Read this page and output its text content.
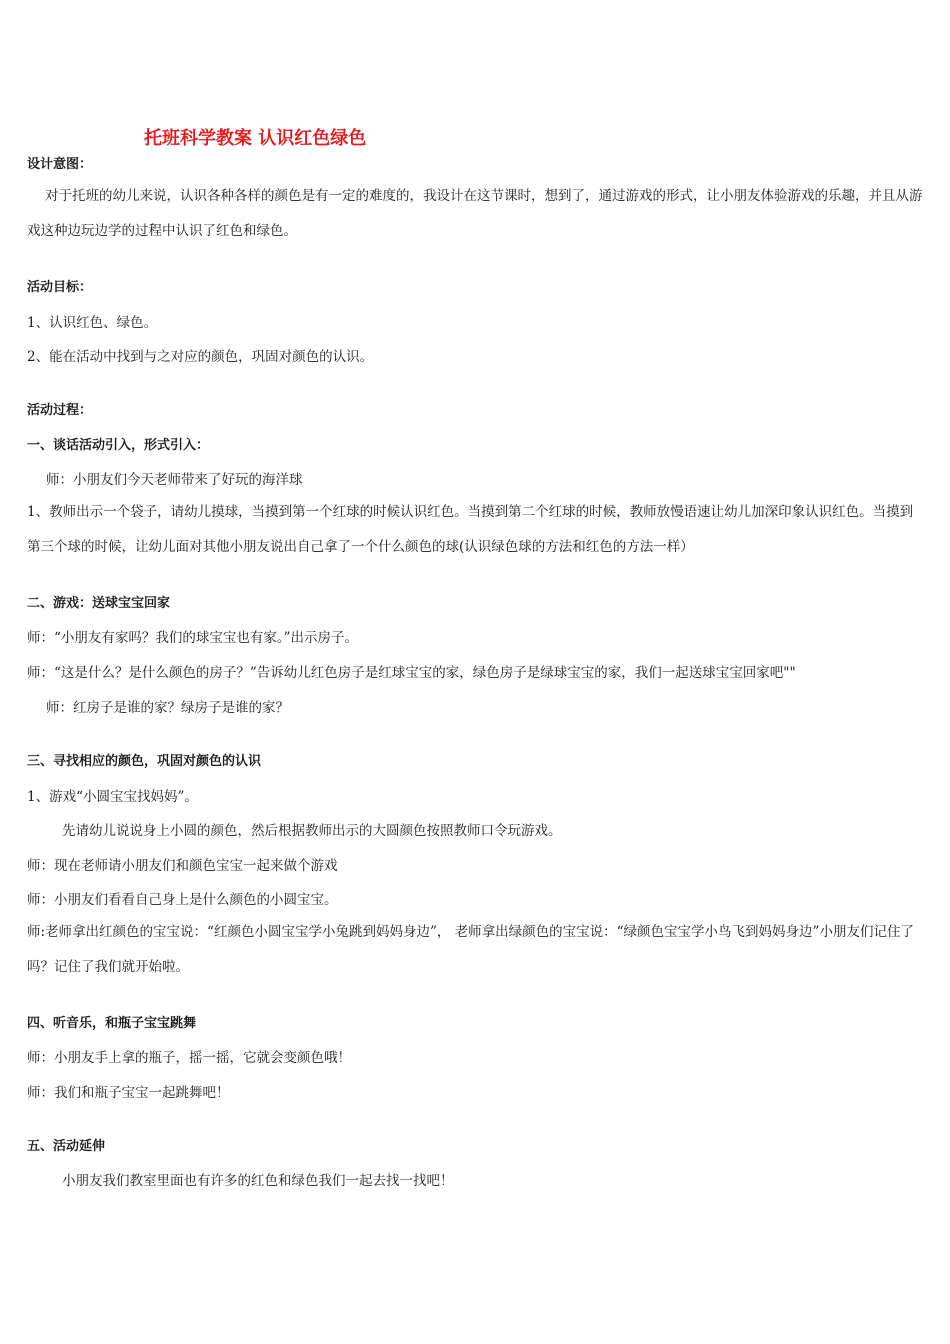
托班科学教案 认识红色绿色
设计意图：
对于托班的幼儿来说，认识各种各样的颜色是有一定的难度的，我设计在这节课时，想到了，通过游戏的形式，让小朋友体验游戏的乐趣，并且从游戏这种边玩边学的过程中认识了红色和绿色。
活动目标：
1、认识红色、绿色。
2、能在活动中找到与之对应的颜色，巩固对颜色的认识。
活动过程：
一、谈话活动引入，形式引入：
师：小朋友们今天老师带来了好玩的海洋球
1、教师出示一个袋子，请幼儿摸球，当摸到第一个红球的时候认识红色。当摸到第二个红球的时候，教师放慢语速让幼儿加深印象认识红色。当摸到第三个球的时候，让幼儿面对其他小朋友说出自己拿了一个什么颜色的球(认识绿色球的方法和红色的方法一样）
二、游戏：送球宝宝回家
师：“小朋友有家吗？我们的球宝宝也有家。”出示房子。
师：“这是什么？是什么颜色的房子？”告诉幼儿红色房子是红球宝宝的家，绿色房子是绿球宝宝的家，我们一起送球宝宝回家吧""
师：红房子是谁的家？绿房子是谁的家？
三、寻找相应的颜色，巩固对颜色的认识
1、游戏“小圆宝宝找妈妈”。
先请幼儿说说身上小圆的颜色，然后根据教师出示的大圆颜色按照教师口令玩游戏。
师：现在老师请小朋友们和颜色宝宝一起来做个游戏
师：小朋友们看看自己身上是什么颜色的小圆宝宝。
师:老师拿出红颜色的宝宝说：“红颜色小圆宝宝学小兔跳到妈妈身边”， 老师拿出绿颜色的宝宝说：“绿颜色宝宝学小鸟飞到妈妈身边”小朋友们记住了吗？记住了我们就开始啦。
四、听音乐，和瓶子宝宝跳舞
师：小朋友手上拿的瓶子，摇一摇，它就会变颜色哦！
师：我们和瓶子宝宝一起跳舞吧！
五、活动延伸
小朋友我们教室里面也有许多的红色和绿色我们一起去找一找吧！
